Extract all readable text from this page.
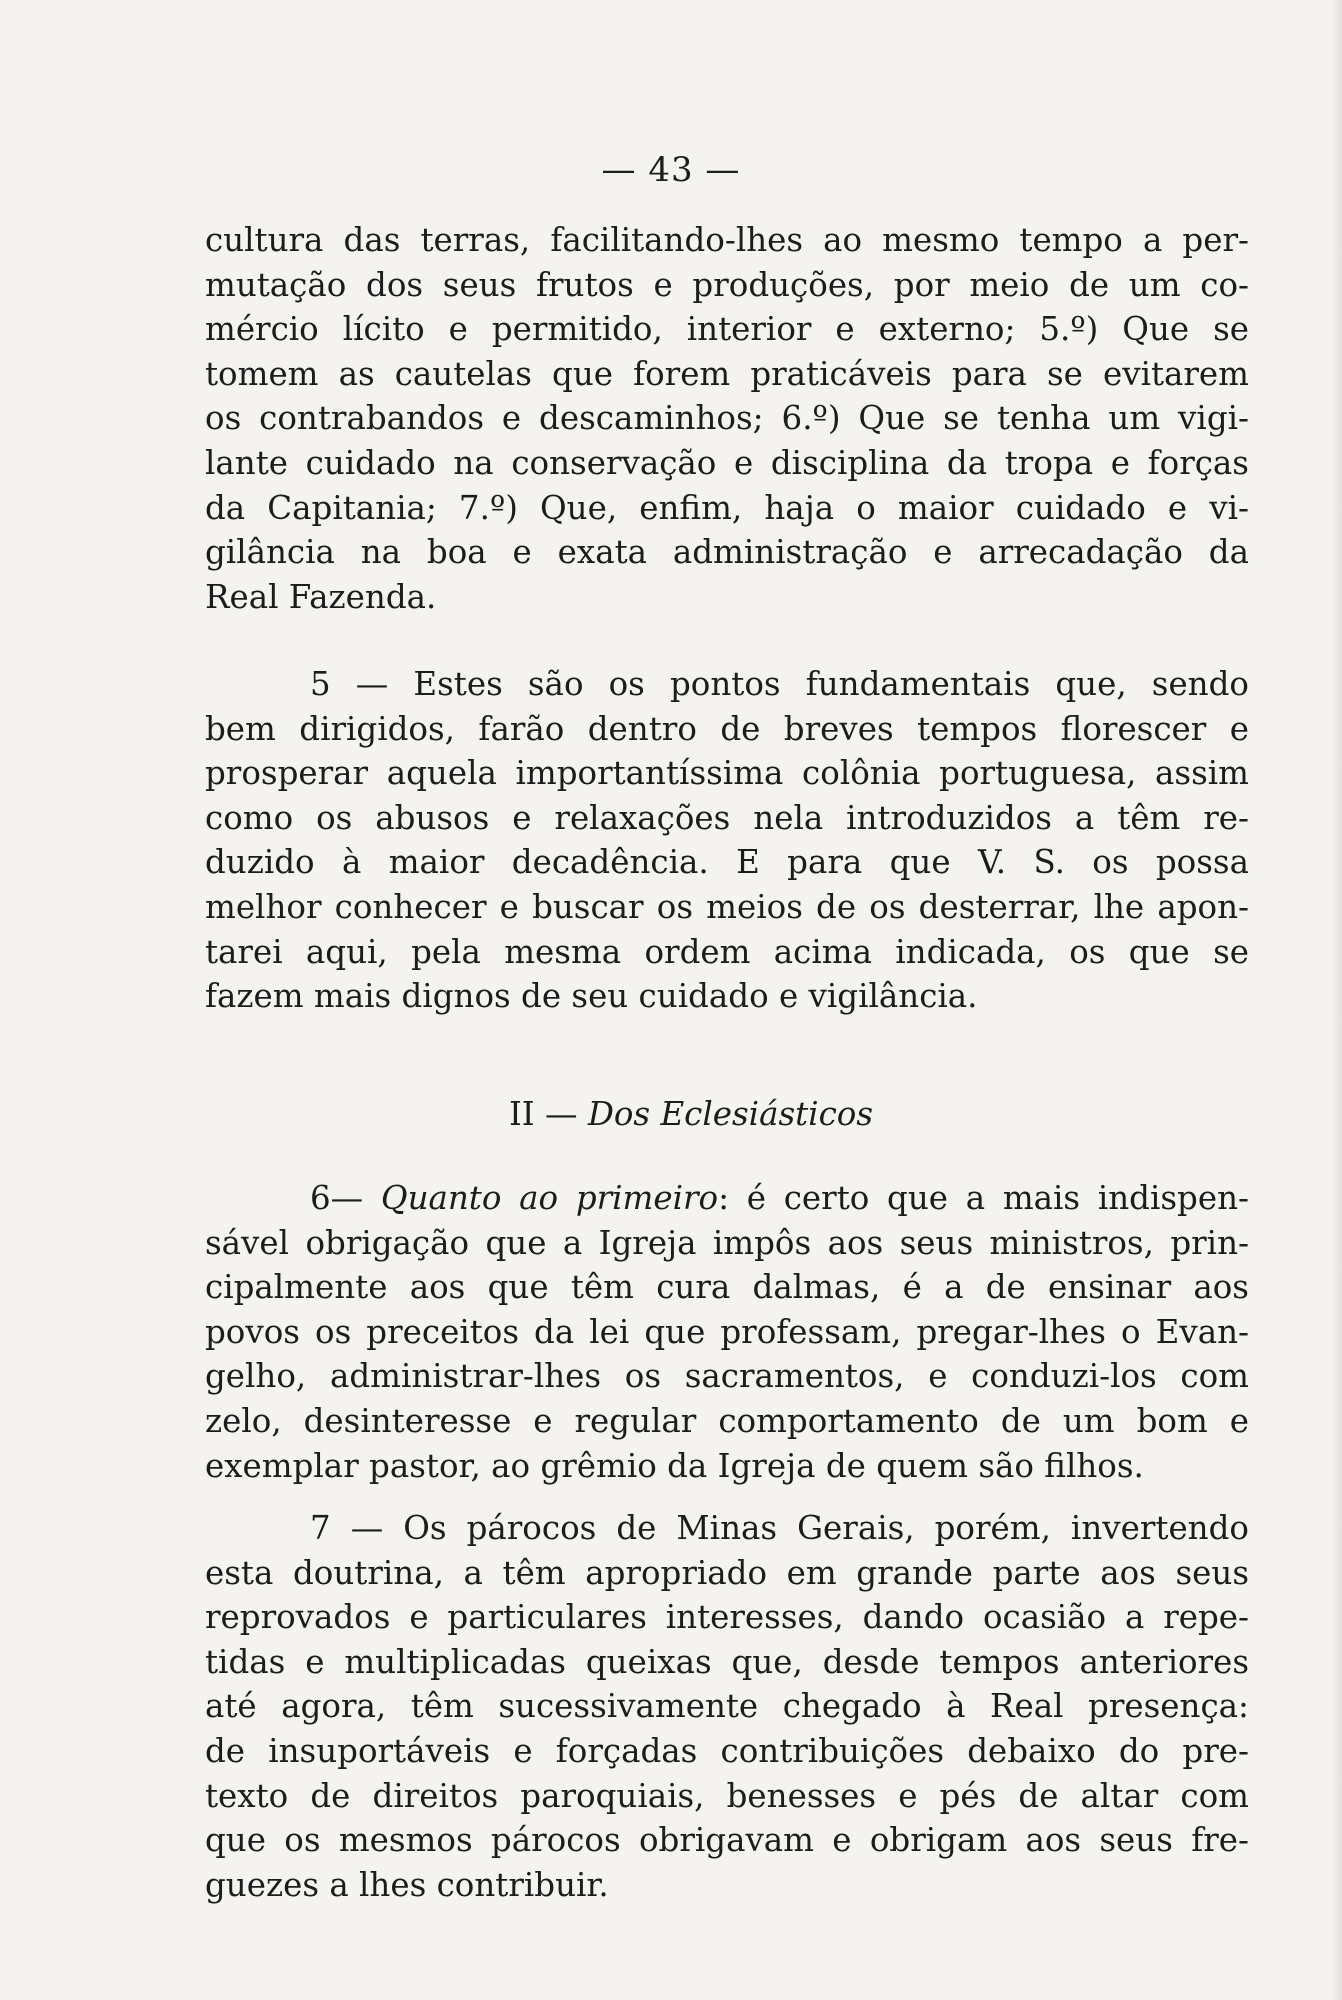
— 43 —
cultura das terras, facilitando-lhes ao mesmo tempo a per-
mutação dos seus frutos e produções, por meio de um co-
mércio lícito e permitido, interior e externo; 5.º) Que se
tomem as cautelas que forem praticáveis para se evitarem
os contrabandos e descaminhos; 6.º) Que se tenha um vigi-
lante cuidado na conservação e disciplina da tropa e forças
da Capitania; 7.º) Que, enfim, haja o maior cuidado e vi-
gilância na boa e exata administração e arrecadação da
Real Fazenda.
5 — Estes são os pontos fundamentais que, sendo
bem dirigidos, farão dentro de breves tempos florescer e
prosperar aquela importantíssima colônia portuguesa, assim
como os abusos e relaxações nela introduzidos a têm re-
duzido à maior decadência. E para que V. S. os possa
melhor conhecer e buscar os meios de os desterrar, lhe apon-
tarei aqui, pela mesma ordem acima indicada, os que se
fazem mais dignos de seu cuidado e vigilância.
II — Dos Eclesiásticos
6— Quanto ao primeiro: é certo que a mais indispen-
sável obrigação que a Igreja impôs aos seus ministros, prin-
cipalmente aos que têm cura dalmas, é a de ensinar aos
povos os preceitos da lei que professam, pregar-lhes o Evan-
gelho, administrar-lhes os sacramentos, e conduzi-los com
zelo, desinteresse e regular comportamento de um bom e
exemplar pastor, ao grêmio da Igreja de quem são filhos.
7 — Os párocos de Minas Gerais, porém, invertendo
esta doutrina, a têm apropriado em grande parte aos seus
reprovados e particulares interesses, dando ocasião a repe-
tidas e multiplicadas queixas que, desde tempos anteriores
até agora, têm sucessivamente chegado à Real presença:
de insuportáveis e forçadas contribuições debaixo do pre-
texto de direitos paroquiais, benesses e pés de altar com
que os mesmos párocos obrigavam e obrigam aos seus fre-
guezes a lhes contribuir.
